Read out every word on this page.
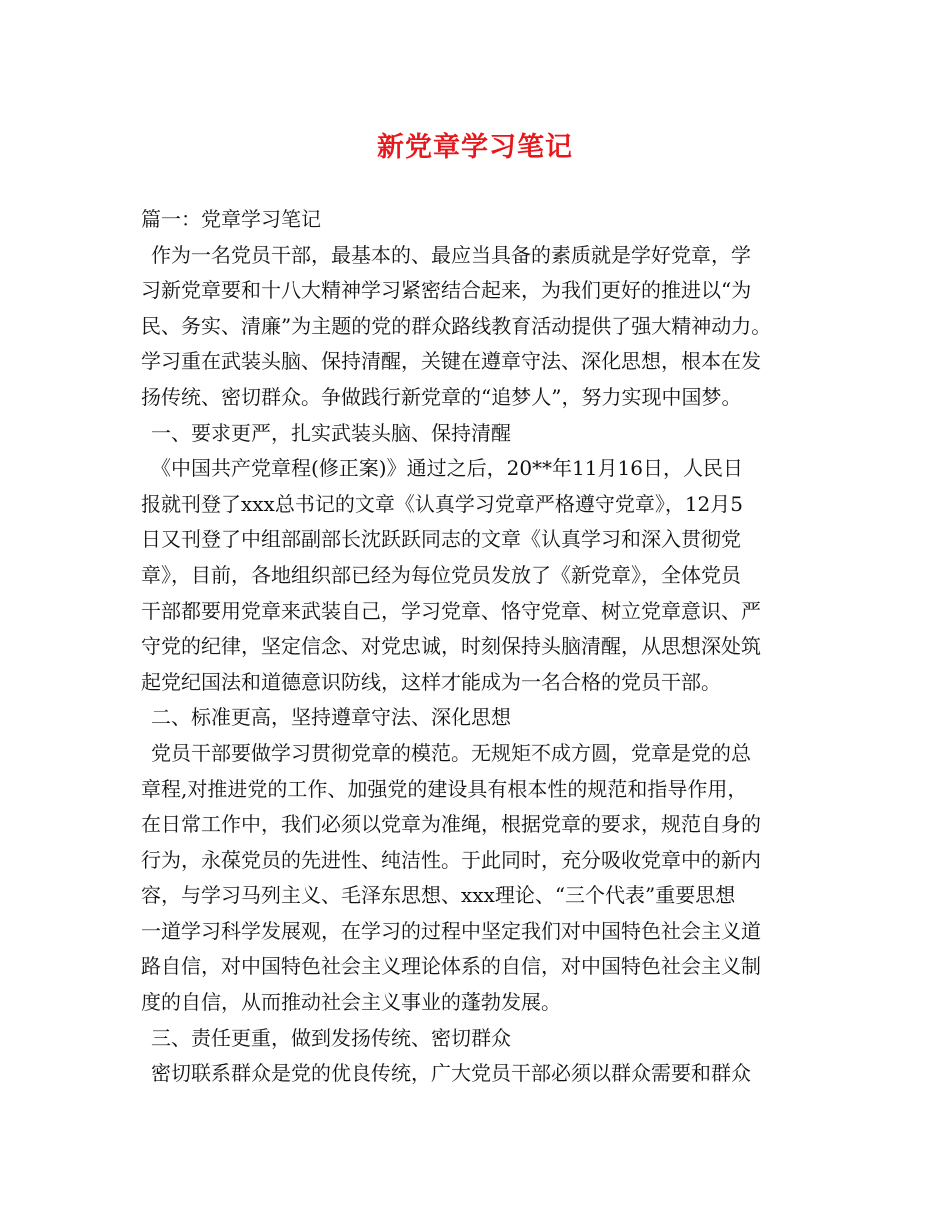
新党章学习笔记
篇一：党章学习笔记
作为一名党员干部，最基本的、最应当具备的素质就是学好党章，学
习新党章要和十八大精神学习紧密结合起来，为我们更好的推进以“为
民、务实、清廉”为主题的党的群众路线教育活动提供了强大精神动力。
学习重在武装头脑、保持清醒，关键在遵章守法、深化思想，根本在发
扬传统、密切群众。争做践行新党章的“追梦人”，努力实现中国梦。
一、要求更严，扎实武装头脑、保持清醒
《中国共产党章程(修正案)》通过之后，20**年11月16日，人民日
报就刊登了xxx总书记的文章《认真学习党章严格遵守党章》，12月5
日又刊登了中组部副部长沈跃跃同志的文章《认真学习和深入贯彻党
章》，目前，各地组织部已经为每位党员发放了《新党章》，全体党员
干部都要用党章来武装自己，学习党章、恪守党章、树立党章意识、严
守党的纪律，坚定信念、对党忠诚，时刻保持头脑清醒，从思想深处筑
起党纪国法和道德意识防线，这样才能成为一名合格的党员干部。
二、标准更高，坚持遵章守法、深化思想
党员干部要做学习贯彻党章的模范。无规矩不成方圆，党章是党的总
章程,对推进党的工作、加强党的建设具有根本性的规范和指导作用，
在日常工作中，我们必须以党章为准绳，根据党章的要求，规范自身的
行为，永葆党员的先进性、纯洁性。于此同时，充分吸收党章中的新内
容，与学习马列主义、毛泽东思想、xxx理论、“三个代表”重要思想
一道学习科学发展观，在学习的过程中坚定我们对中国特色社会主义道
路自信，对中国特色社会主义理论体系的自信，对中国特色社会主义制
度的自信，从而推动社会主义事业的蓬勃发展。
三、责任更重，做到发扬传统、密切群众
密切联系群众是党的优良传统，广大党员干部必须以群众需要和群众
